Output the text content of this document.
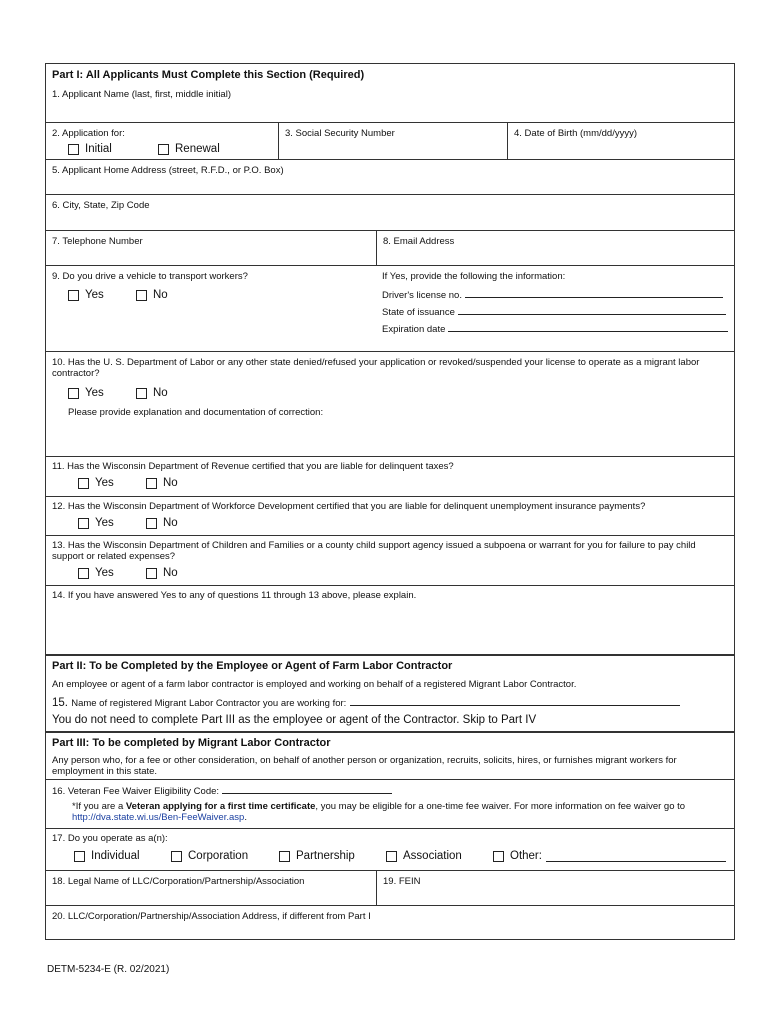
Part I: All Applicants Must Complete this Section (Required)
1. Applicant Name (last, first, middle initial)
2. Application for:
Initial	Renewal
3. Social Security Number	4. Date of Birth (mm/dd/yyyy)
5. Applicant Home Address (street, R.F.D., or P.O. Box)
6. City, State, Zip Code
7. Telephone Number	8. Email Address
9. Do you drive a vehicle to transport workers?
Yes	No
If Yes, provide the following the information:
Driver's license no.
State of issuance
Expiration date
10. Has the U. S. Department of Labor or any other state denied/refused your application or revoked/suspended your license to operate as a migrant labor contractor?
Yes	No
Please provide explanation and documentation of correction:
11. Has the Wisconsin Department of Revenue certified that you are liable for delinquent taxes?
Yes	No
12. Has the Wisconsin Department of Workforce Development certified that you are liable for delinquent unemployment insurance payments?
Yes	No
13. Has the Wisconsin Department of Children and Families or a county child support agency issued a subpoena or warrant for you for failure to pay child support or related expenses?
Yes	No
14. If you have answered Yes to any of questions 11 through 13 above, please explain.
Part II: To be Completed by the Employee or Agent of Farm Labor Contractor
An employee or agent of a farm labor contractor is employed and working on behalf of a registered Migrant Labor Contractor.
15. Name of registered Migrant Labor Contractor you are working for:
You do not need to complete Part III as the employee or agent of the Contractor. Skip to Part IV
Part III: To be completed by Migrant Labor Contractor
Any person who, for a fee or other consideration, on behalf of another person or organization, recruits, solicits, hires, or furnishes migrant workers for employment in this state.
16. Veteran Fee Waiver Eligibility Code:
*If you are a Veteran applying for a first time certificate, you may be eligible for a one-time fee waiver. For more information on fee waiver go to http://dva.state.wi.us/Ben-FeeWaiver.asp.
17. Do you operate as a(n):
Individual	Corporation	Partnership	Association	Other:
18. Legal Name of LLC/Corporation/Partnership/Association	19. FEIN
20. LLC/Corporation/Partnership/Association Address, if different from Part I
DETM-5234-E (R. 02/2021)
